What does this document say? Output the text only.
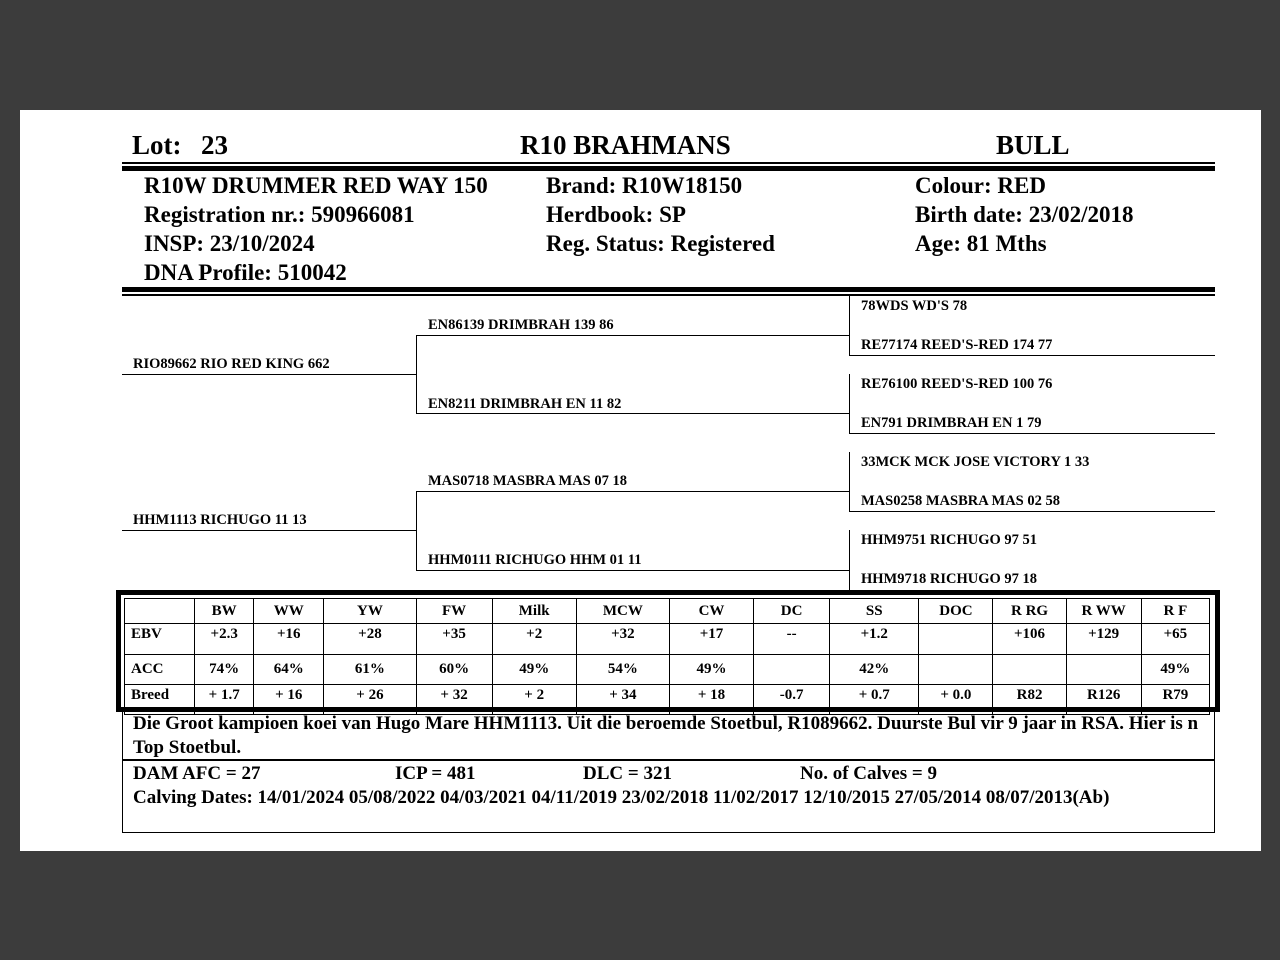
Lot: 23	R10 BRAHMANS	BULL
R10W DRUMMER RED WAY 150
Registration nr.: 590966081
INSP: 23/10/2024
DNA Profile: 510042
Brand: R10W18150
Herdbook: SP
Reg. Status: Registered
Colour: RED
Birth date: 23/02/2018
Age: 81 Mths
RIO89662 RIO RED KING 662
HHM1113 RICHUGO 11 13
EN86139 DRIMBRAH 139 86
EN8211 DRIMBRAH EN 11 82
MAS0718 MASBRA MAS 07 18
HHM0111 RICHUGO HHM 01 11
78WDS WD'S 78
RE77174 REED'S-RED 174 77
RE76100 REED'S-RED 100 76
EN791 DRIMBRAH EN 1 79
33MCK MCK JOSE VICTORY 1 33
MAS0258 MASBRA MAS 02 58
HHM9751 RICHUGO 97 51
HHM9718 RICHUGO 97 18
	BW	WW	YW	FW	Milk	MCW	CW	DC	SS	DOC	R RG	R WW	R F
EBV	+2.3	+16	+28	+35	+2	+32	+17	--	+1.2		+106	+129	+65
ACC	74%	64%	61%	60%	49%	54%	49%		42%				49%
Breed	+ 1.7	+ 16	+ 26	+ 32	+ 2	+ 34	+ 18	-0.7	+ 0.7	+ 0.0	R82	R126	R79
Die Groot kampioen koei van Hugo Mare HHM1113. Uit die beroemde Stoetbul, R1089662. Duurste Bul vir 9 jaar in RSA. Hier is n Top Stoetbul.
DAM AFC = 27	ICP = 481	DLC = 321	No. of Calves = 9
Calving Dates: 14/01/2024 05/08/2022 04/03/2021 04/11/2019 23/02/2018 11/02/2017 12/10/2015 27/05/2014 08/07/2013(Ab)
